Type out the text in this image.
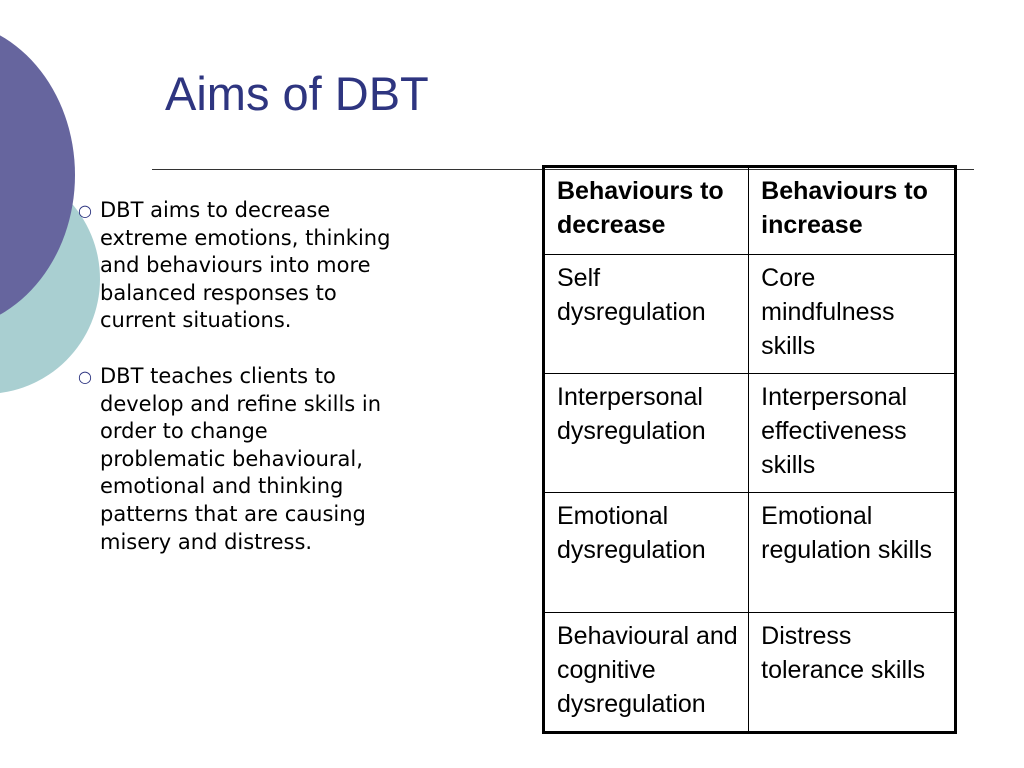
Aims of DBT
○ DBT aims to decrease extreme emotions, thinking and behaviours into more balanced responses to current situations.
○ DBT teaches clients to develop and refine skills in order to change problematic behavioural, emotional and thinking patterns that are causing misery and distress.
Behaviours to decrease	Behaviours to increase
Self dysregulation	Core mindfulness skills
Interpersonal dysregulation	Interpersonal effectiveness skills
Emotional dysregulation	Emotional regulation skills
Behavioural and cognitive dysregulation	Distress tolerance skills
